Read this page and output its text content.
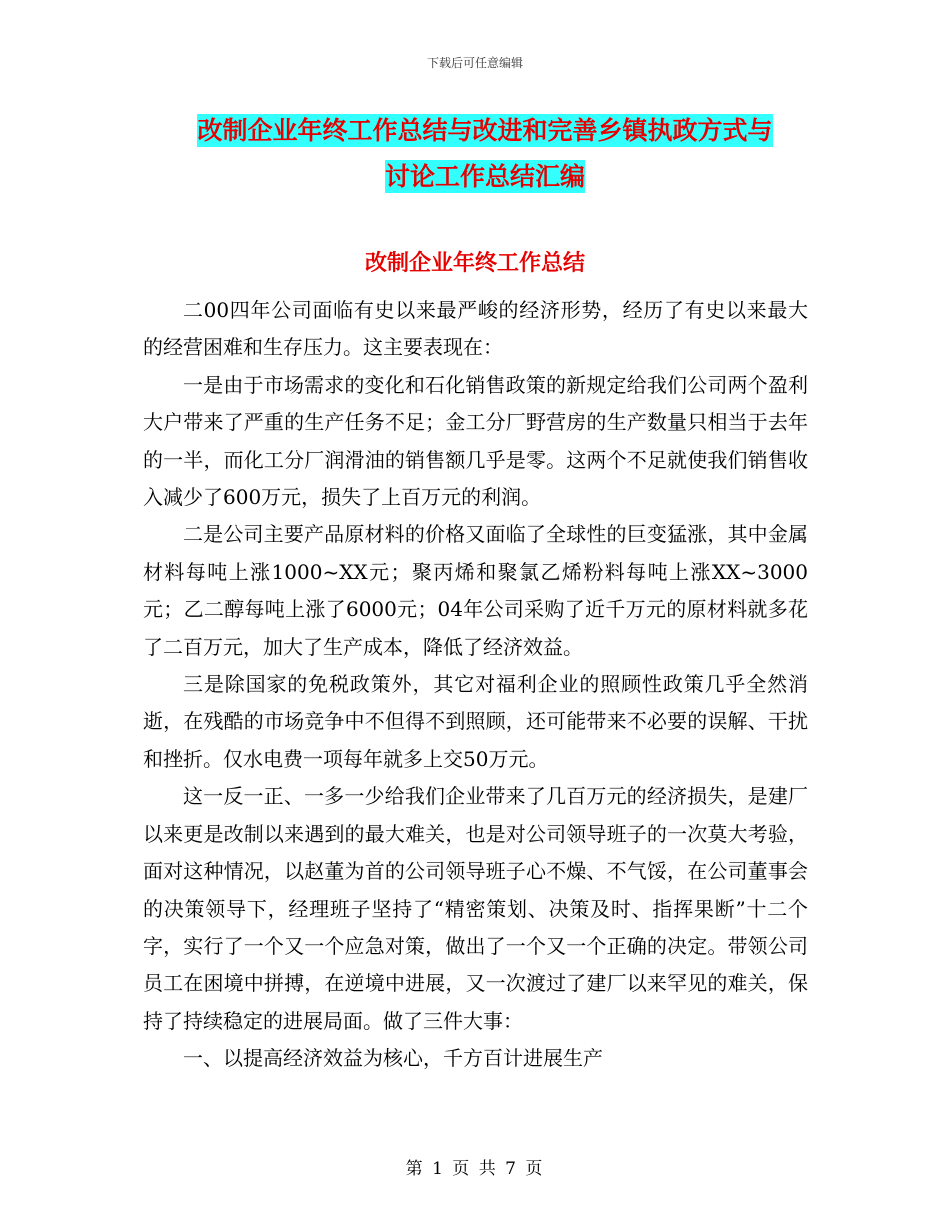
下载后可任意编辑
改制企业年终工作总结与改进和完善乡镇执政方式与
讨论工作总结汇编
改制企业年终工作总结

二00四年公司面临有史以来最严峻的经济形势，经历了有史以来最大的经营困难和生存压力。这主要表现在：

一是由于市场需求的变化和石化销售政策的新规定给我们公司两个盈利大户带来了严重的生产任务不足；金工分厂野营房的生产数量只相当于去年的一半，而化工分厂润滑油的销售额几乎是零。这两个不足就使我们销售收入减少了600万元，损失了上百万元的利润。

二是公司主要产品原材料的价格又面临了全球性的巨变猛涨，其中金属材料每吨上涨1000~XX元；聚丙烯和聚氯乙烯粉料每吨上涨XX~3000元；乙二醇每吨上涨了6000元；04年公司采购了近千万元的原材料就多花了二百万元，加大了生产成本，降低了经济效益。

三是除国家的免税政策外，其它对福利企业的照顾性政策几乎全然消逝，在残酷的市场竞争中不但得不到照顾，还可能带来不必要的误解、干扰和挫折。仅水电费一项每年就多上交50万元。

这一反一正、一多一少给我们企业带来了几百万元的经济损失，是建厂以来更是改制以来遇到的最大难关，也是对公司领导班子的一次莫大考验，面对这种情况，以赵董为首的公司领导班子心不燥、不气馁，在公司董事会的决策领导下，经理班子坚持了“精密策划、决策及时、指挥果断”十二个字，实行了一个又一个应急对策，做出了一个又一个正确的决定。带领公司员工在困境中拼搏，在逆境中进展，又一次渡过了建厂以来罕见的难关，保持了持续稳定的进展局面。做了三件大事：

一、以提高经济效益为核心，千方百计进展生产

第 1 页 共 7 页
